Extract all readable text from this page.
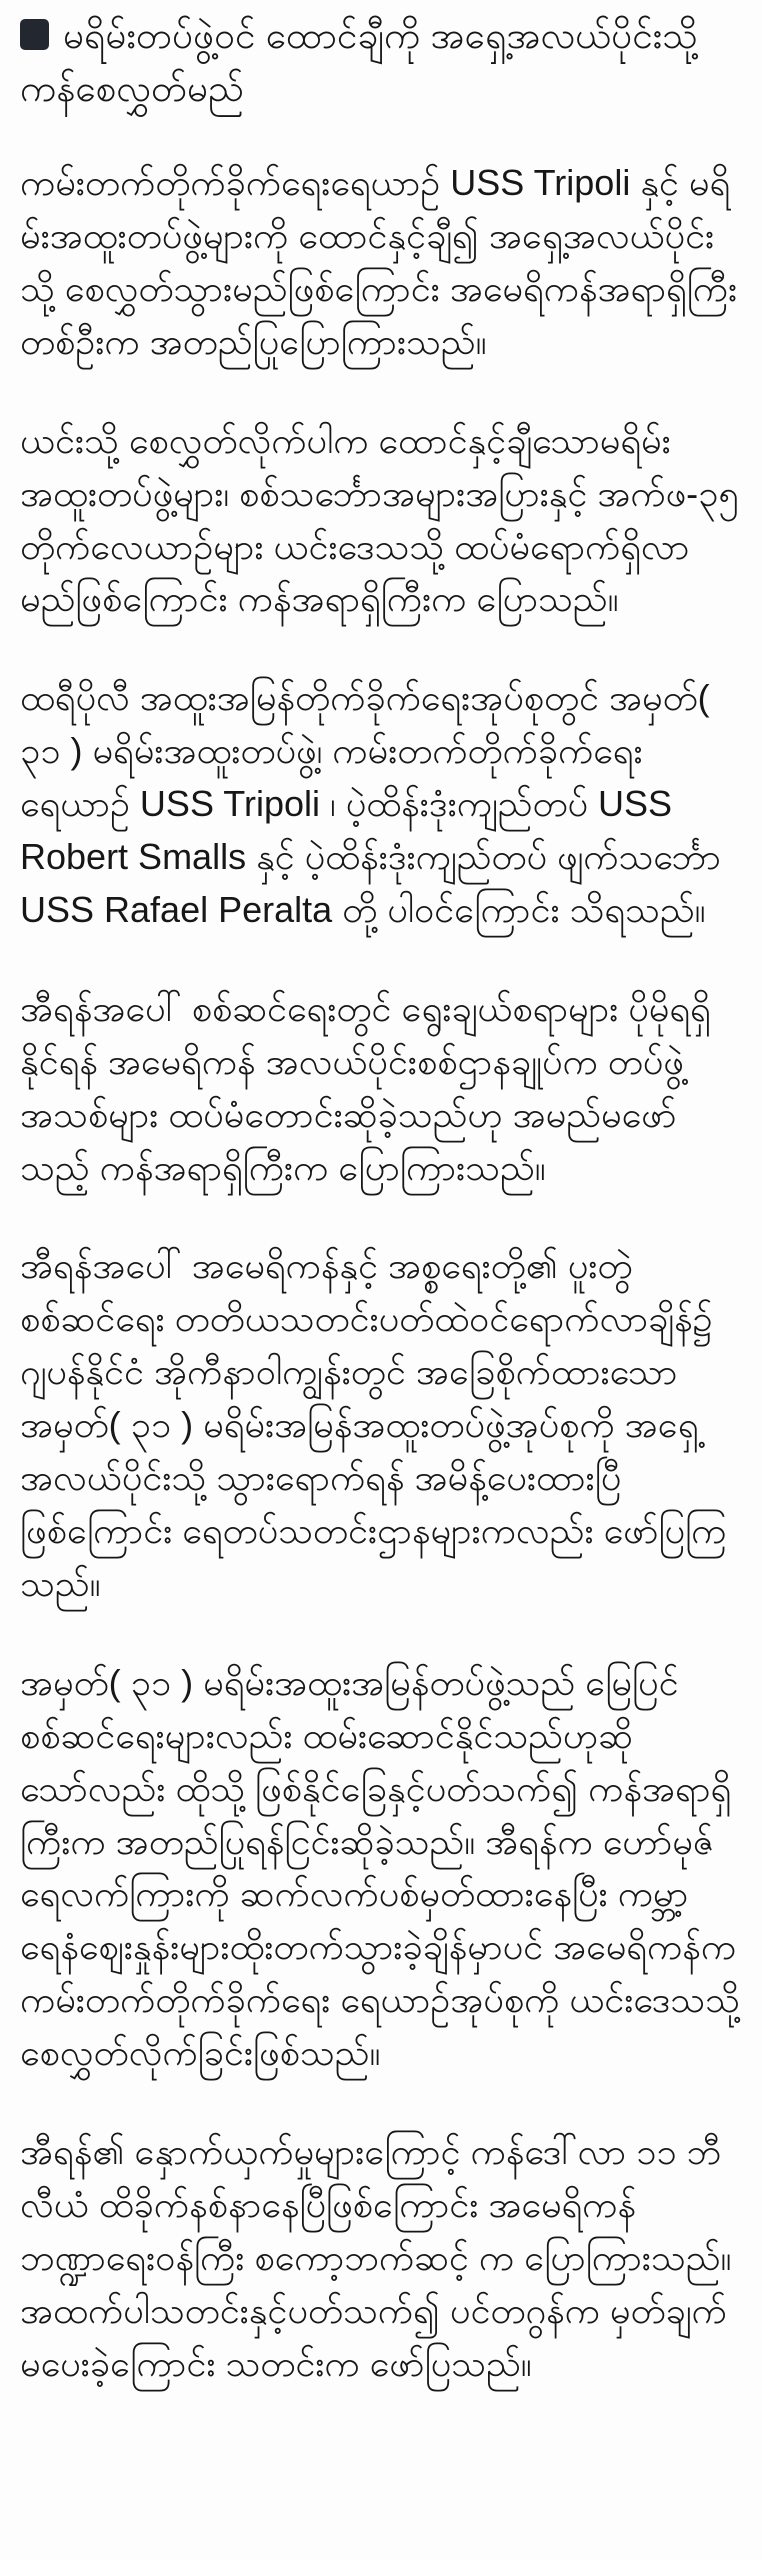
မရိမ်းတပ်ဖွဲ့ဝင် ထောင်ချီကို အရှေ့အလယ်ပိုင်းသို့ ကန်စေလွှတ်မည်

ကမ်းတက်တိုက်ခိုက်ရေးရေယာဉ် USS Tripoli နှင့် မရိမ်းအထူးတပ်ဖွဲ့များကို ထောင်နှင့်ချီ၍ အရှေ့အလယ်ပိုင်းသို့ စေလွှတ်သွားမည်ဖြစ်ကြောင်း အမေရိကန်အရာရှိကြီးတစ်ဦးက အတည်ပြုပြောကြားသည်။

ယင်းသို့ စေလွှတ်လိုက်ပါက ထောင်နှင့်ချီသောမရိမ်းအထူးတပ်ဖွဲ့များ၊ စစ်သင်္ဘောအများအပြားနှင့် အက်ဖ-၃၅ တိုက်လေယာဉ်များ ယင်းဒေသသို့ ထပ်မံရောက်ရှိလာမည်ဖြစ်ကြောင်း ကန်အရာရှိကြီးက ပြောသည်။

ထရီပိုလီ အထူးအမြန်တိုက်ခိုက်ရေးအုပ်စုတွင် အမှတ်( ၃၁ ) မရိမ်းအထူးတပ်ဖွဲ့၊ ကမ်းတက်တိုက်ခိုက်ရေးရေယာဉ် USS Tripoli ၊ ပဲ့ထိန်းဒုံးကျည်တပ် USS Robert Smalls နှင့် ပဲ့ထိန်းဒုံးကျည်တပ် ဖျက်သင်္ဘော USS Rafael Peralta တို့ ပါဝင်ကြောင်း သိရသည်။

အီရန်အပေါ် စစ်ဆင်ရေးတွင် ရွေးချယ်စရာများ ပိုမိုရရှိနိုင်ရန် အမေရိကန် အလယ်ပိုင်းစစ်ဌာနချုပ်က တပ်ဖွဲ့အသစ်များ ထပ်မံတောင်းဆိုခဲ့သည်ဟု အမည်မဖော်သည့် ကန်အရာရှိကြီးက ပြောကြားသည်။

အီရန်အပေါ် အမေရိကန်နှင့် အစ္စရေးတို့၏ ပူးတွဲစစ်ဆင်ရေး တတိယသတင်းပတ်ထဲဝင်ရောက်လာချိန်၌ ဂျပန်နိုင်ငံ အိုကီနာဝါကျွန်းတွင် အခြေစိုက်ထားသော အမှတ်( ၃၁ ) မရိမ်းအမြန်အထူးတပ်ဖွဲ့အုပ်စုကို အရှေ့အလယ်ပိုင်းသို့ သွားရောက်ရန် အမိန့်ပေးထားပြီဖြစ်ကြောင်း ရေတပ်သတင်းဌာနများကလည်း ဖော်ပြကြသည်။

အမှတ်( ၃၁ ) မရိမ်းအထူးအမြန်တပ်ဖွဲ့သည် မြေပြင်စစ်ဆင်ရေးများလည်း ထမ်းဆောင်နိုင်သည်ဟုဆိုသော်လည်း ထိုသို့ ဖြစ်နိုင်ခြေနှင့်ပတ်သက်၍ ကန်အရာရှိကြီးက အတည်ပြုရန်ငြင်းဆိုခဲ့သည်။ အီရန်က ဟော်မုဇ်ရေလက်ကြားကို ဆက်လက်ပစ်မှတ်ထားနေပြီး ကမ္ဘာ့ရေနံဈေးနှုန်းများထိုးတက်သွားခဲ့ချိန်မှာပင် အမေရိကန်က ကမ်းတက်တိုက်ခိုက်ရေး ရေယာဉ်အုပ်စုကို ယင်းဒေသသို့ စေလွှတ်လိုက်ခြင်းဖြစ်သည်။

အီရန်၏ နှောက်ယှက်မှုများကြောင့် ကန်ဒေါ်လာ ၁၁ ဘီလီယံ ထိခိုက်နစ်နာနေပြီဖြစ်ကြောင်း အမေရိကန် ဘဏ္ဍာရေးဝန်ကြီး စကော့ဘက်ဆင့် က ပြောကြားသည်။အထက်ပါသတင်းနှင့်ပတ်သက်၍ ပင်တဂွန်က မှတ်ချက်မပေးခဲ့ကြောင်း သတင်းက ဖော်ပြသည်။
